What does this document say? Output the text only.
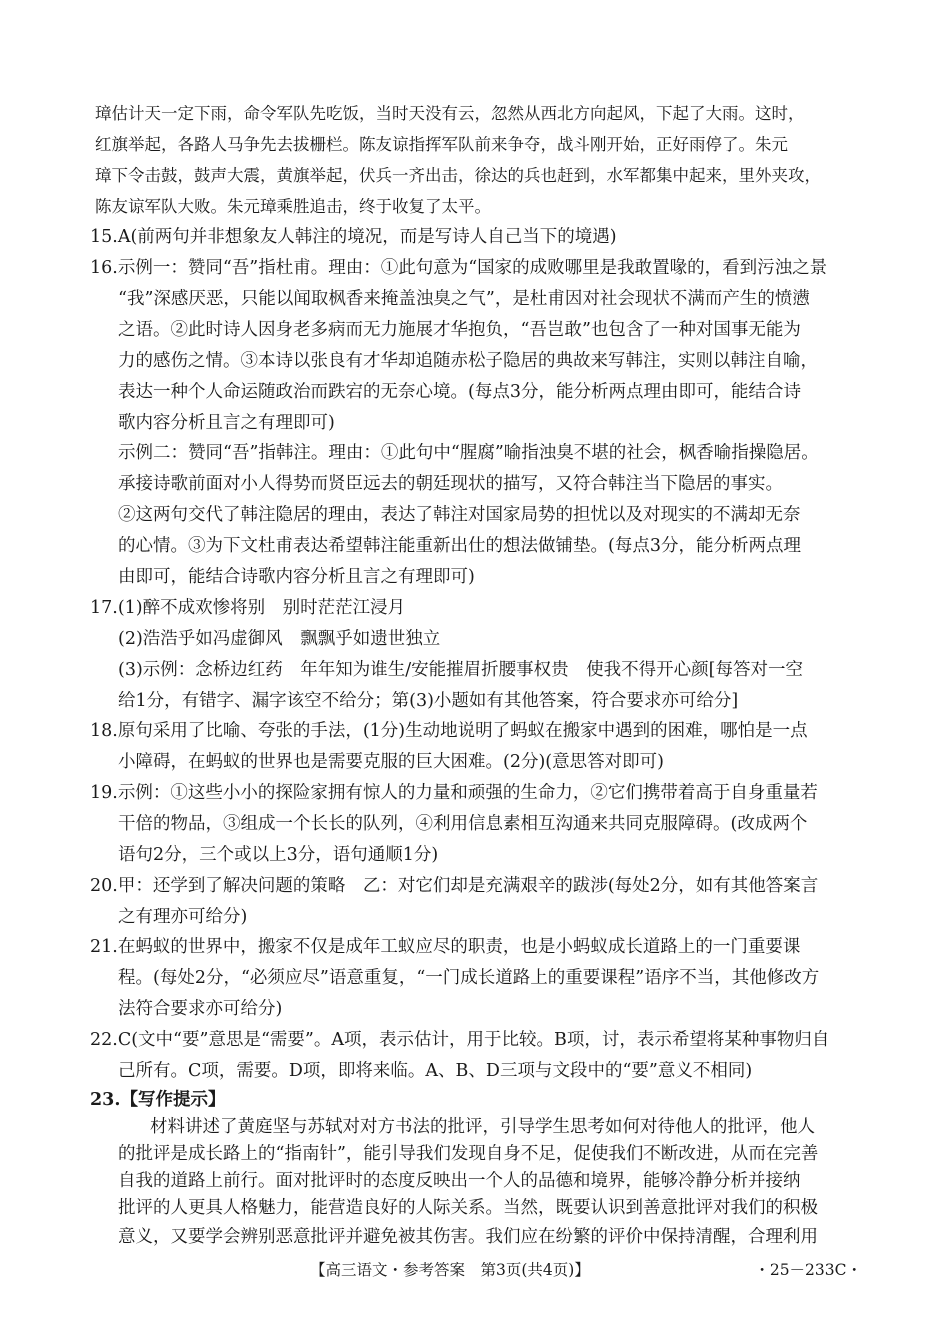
璋估计天一定下雨，命令军队先吃饭，当时天没有云，忽然从西北方向起风，下起了大雨。这时，
红旗举起，各路人马争先去拔栅栏。陈友谅指挥军队前来争夺，战斗刚开始，正好雨停了。朱元
璋下令击鼓，鼓声大震，黄旗举起，伏兵一齐出击，徐达的兵也赶到，水军都集中起来，里外夹攻，
陈友谅军队大败。朱元璋乘胜追击，终于收复了太平。
15.A(前两句并非想象友人韩注的境况，而是写诗人自己当下的境遇)
16.示例一：赞同“吾”指杜甫。理由：①此句意为“国家的成败哪里是我敢置喙的，看到污浊之景
“我”深感厌恶，只能以闻取枫香来掩盖浊臭之气”，是杜甫因对社会现状不满而产生的愤懑
之语。②此时诗人因身老多病而无力施展才华抱负，“吾岂敢”也包含了一种对国事无能为
力的感伤之情。③本诗以张良有才华却追随赤松子隐居的典故来写韩注，实则以韩注自喻，
表达一种个人命运随政治而跌宕的无奈心境。(每点3分，能分析两点理由即可，能结合诗
歌内容分析且言之有理即可)
示例二：赞同“吾”指韩注。理由：①此句中“腥腐”喻指浊臭不堪的社会，枫香喻指操隐居。
承接诗歌前面对小人得势而贤臣远去的朝廷现状的描写，又符合韩注当下隐居的事实。
②这两句交代了韩注隐居的理由，表达了韩注对国家局势的担忧以及对现实的不满却无奈
的心情。③为下文杜甫表达希望韩注能重新出仕的想法做铺垫。(每点3分，能分析两点理
由即可，能结合诗歌内容分析且言之有理即可)
17.(1)醉不成欢惨将别　别时茫茫江浸月
(2)浩浩乎如冯虚御风　飘飘乎如遗世独立
(3)示例：念桥边红药　年年知为谁生/安能摧眉折腰事权贵　使我不得开心颜[每答对一空
给1分，有错字、漏字该空不给分；第(3)小题如有其他答案，符合要求亦可给分]
18.原句采用了比喻、夸张的手法，(1分)生动地说明了蚂蚁在搬家中遇到的困难，哪怕是一点
小障碍，在蚂蚁的世界也是需要克服的巨大困难。(2分)(意思答对即可)
19.示例：①这些小小的探险家拥有惊人的力量和顽强的生命力，②它们携带着高于自身重量若
干倍的物品，③组成一个长长的队列，④利用信息素相互沟通来共同克服障碍。(改成两个
语句2分，三个或以上3分，语句通顺1分)
20.甲：还学到了解决问题的策略　乙：对它们却是充满艰辛的跋涉(每处2分，如有其他答案言
之有理亦可给分)
21.在蚂蚁的世界中，搬家不仅是成年工蚁应尽的职责，也是小蚂蚁成长道路上的一门重要课
程。(每处2分，“必须应尽”语意重复，“一门成长道路上的重要课程”语序不当，其他修改方
法符合要求亦可给分)
22.C(文中“要”意思是“需要”。A项，表示估计，用于比较。B项，讨，表示希望将某种事物归自
己所有。C项，需要。D项，即将来临。A、B、D三项与文段中的“要”意义不相同)
23.【写作提示】
材料讲述了黄庭坚与苏轼对对方书法的批评，引导学生思考如何对待他人的批评，他人
的批评是成长路上的“指南针”，能引导我们发现自身不足，促使我们不断改进，从而在完善
自我的道路上前行。面对批评时的态度反映出一个人的品德和境界，能够冷静分析并接纳
批评的人更具人格魅力，能营造良好的人际关系。当然，既要认识到善意批评对我们的积极
意义，又要学会辨别恶意批评并避免被其伤害。我们应在纷繁的评价中保持清醒，合理利用
【高三语文・参考答案　第3页(共4页)】	・25－233C・
